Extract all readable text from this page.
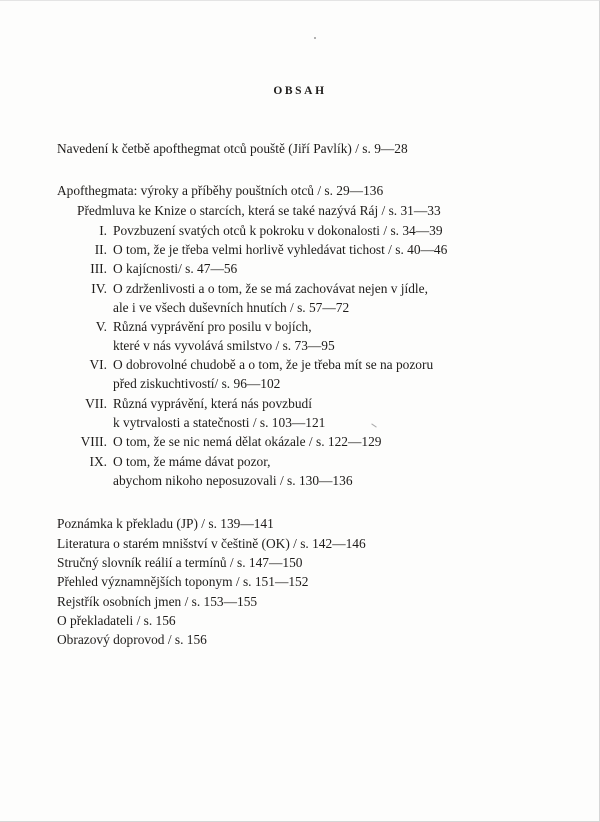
OBSAH
Navedení k četbě apofthegmat otců pouště (Jiří Pavlík) / s. 9—28
Apofthegmata: výroky a příběhy pouštních otců / s. 29—136
Předmluva ke Knize o starcích, která se také nazývá Ráj / s. 31—33
I. Povzbuzení svatých otců k pokroku v dokonalosti / s. 34—39
II. O tom, že je třeba velmi horlivě vyhledávat tichost / s. 40—46
III. O kajícnosti/ s. 47—56
IV. O zdrženlivosti a o tom, že se má zachovávat nejen v jídle,
ale i ve všech duševních hnutích / s. 57—72
V. Různá vyprávění pro posilu v bojích,
které v nás vyvolává smilstvo / s. 73—95
VI. O dobrovolné chudobě a o tom, že je třeba mít se na pozoru
před ziskuchtivostí/ s. 96—102
VII. Různá vyprávění, která nás povzbudí
k vytrvalosti a statečnosti / s. 103—121
VIII. O tom, že se nic nemá dělat okázale / s. 122—129
IX. O tom, že máme dávat pozor,
abychom nikoho neposuzovali / s. 130—136
Poznámka k překladu (JP) / s. 139—141
Literatura o starém mnišství v češtině (OK) / s. 142—146
Stručný slovník reálií a termínů / s. 147—150
Přehled významnějších toponym / s. 151—152
Rejstřík osobních jmen / s. 153—155
O překladateli / s. 156
Obrazový doprovod / s. 156
